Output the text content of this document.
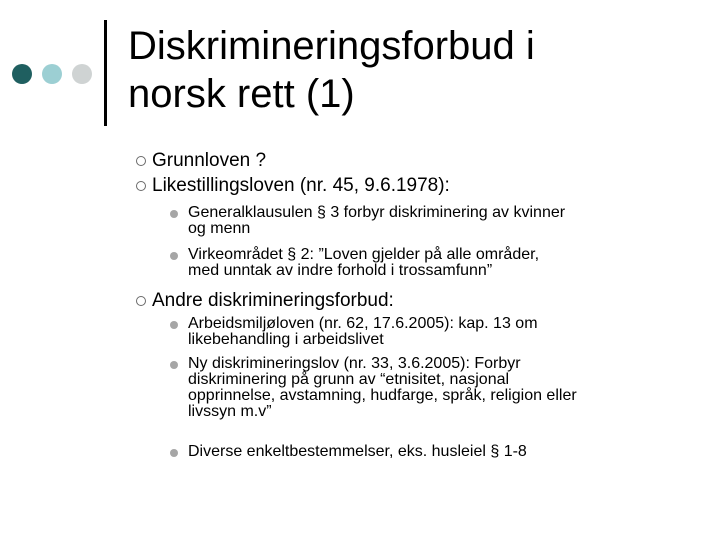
Diskrimineringsforbud i
norsk rett (1)
Grunnloven ?
Likestillingsloven (nr. 45, 9.6.1978):
Generalklausulen § 3 forbyr diskriminering av kvinner
og menn
Virkeområdet § 2: ”Loven gjelder på alle områder,
med unntak av indre forhold i trossamfunn”
Andre diskrimineringsforbud:
Arbeidsmiljøloven (nr. 62, 17.6.2005): kap. 13 om
likebehandling i arbeidslivet
Ny diskrimineringslov (nr. 33, 3.6.2005): Forbyr
diskriminering på grunn av “etnisitet, nasjonal
opprinnelse, avstamning, hudfarge, språk, religion eller
livssyn m.v”
Diverse enkeltbestemmelser, eks. husleiel § 1-8
